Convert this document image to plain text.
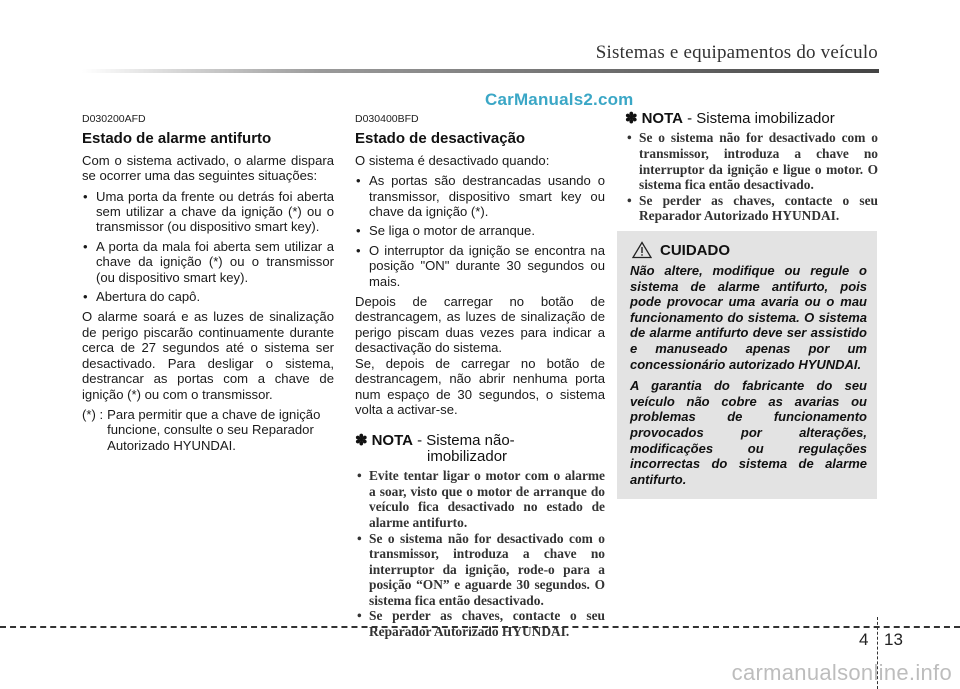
Sistemas e equipamentos do veículo
CarManuals2.com
D030200AFD
Estado de alarme antifurto

Com o sistema activado, o alarme dispara se ocorrer uma das seguintes situações:

• Uma porta da frente ou detrás foi aberta sem utilizar a chave da ignição (*) ou o transmissor (ou dispositivo smart key).
• A porta da mala foi aberta sem utilizar a chave da ignição (*) ou o transmissor (ou dispositivo smart key).
• Abertura do capô.

O alarme soará e as luzes de sinalização de perigo piscarão continuamente durante cerca de 27 segundos até o sistema ser desactivado. Para desligar o sistema, destrancar as portas com a chave de ignição (*) ou com o transmissor.

(*) : Para permitir que a chave de ignição funcione, consulte o seu Reparador Autorizado HYUNDAI.
D030400BFD
Estado de desactivação

O sistema é desactivado quando:

• As portas são destrancadas usando o transmissor, dispositivo smart key ou chave da ignição (*).
• Se liga o motor de arranque.
• O interruptor da ignição se encontra na posição "ON" durante 30 segundos ou mais.

Depois de carregar no botão de destrancagem, as luzes de sinalização de perigo piscam duas vezes para indicar a desactivação do sistema.

Se, depois de carregar no botão de destrancagem, não abrir nenhuma porta num espaço de 30 segundos, o sistema volta a activar-se.

✽ NOTA - Sistema não-
imobilizador
• Evite tentar ligar o motor com o alarme a soar, visto que o motor de arranque do veículo fica desactivado no estado de alarme antifurto.
• Se o sistema não for desactivado com o transmissor, introduza a chave no interruptor da ignição, rode-o para a posição “ON” e aguarde 30 segundos. O sistema fica então desactivado.
• Se perder as chaves, contacte o seu Reparador Autorizado HYUNDAI.
✽ NOTA - Sistema imobilizador
• Se o sistema não for desactivado com o transmissor, introduza a chave no interruptor da ignição e ligue o motor. O sistema fica então desactivado.
• Se perder as chaves, contacte o seu Reparador Autorizado HYUNDAI.
CUIDADO

Não altere, modifique ou regule o sistema de alarme antifurto, pois pode provocar uma avaria ou o mau funcionamento do sistema. O sistema de alarme antifurto deve ser assistido e manuseado apenas por um concessionário autorizado HYUNDAI.

A garantia do fabricante do seu veículo não cobre as avarias ou problemas de funcionamento provocados por alterações, modificações ou regulações incorrectas do sistema de alarme antifurto.

4 13
carmanualsonline.info
